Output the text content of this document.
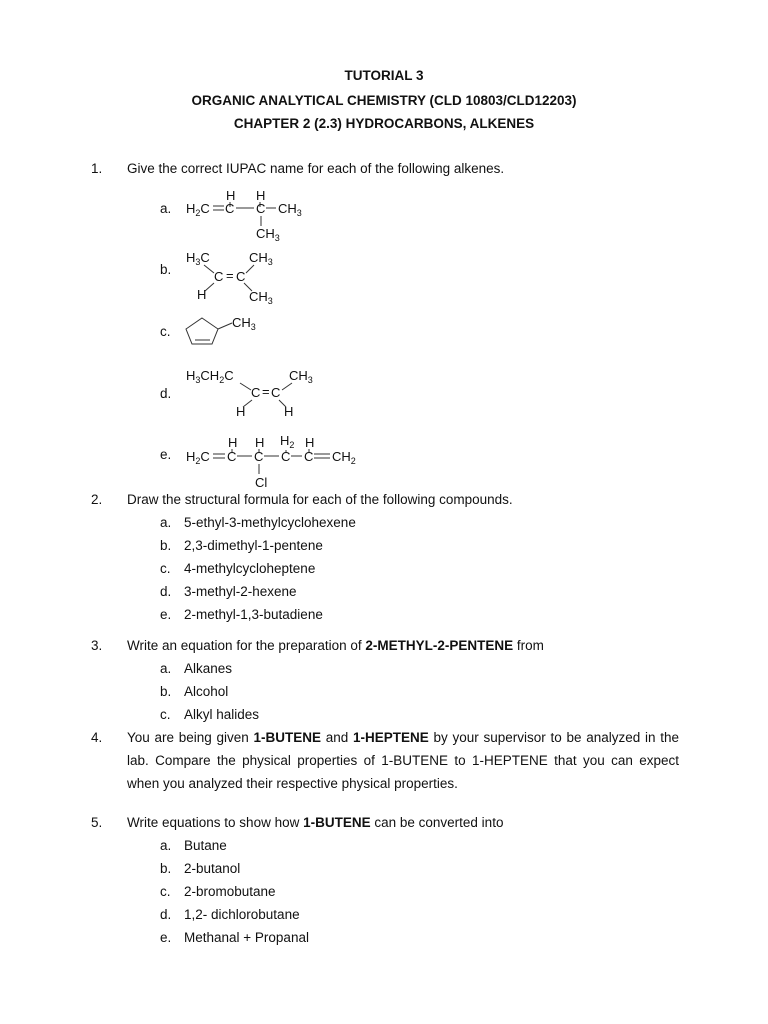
TUTORIAL 3
ORGANIC ANALYTICAL CHEMISTRY (CLD 10803/CLD12203)
CHAPTER 2 (2.3) HYDROCARBONS, ALKENES
1. Give the correct IUPAC name for each of the following alkenes.
a.
b.
c.
d.
e.
H H
$H_2C$ C C $CH_3$
$CH_3$
$H_3C$	$CH_3$
C = C
H	$CH_3$
$CH_3$
$H_3CH_2C$	$CH_3$
C = C
H	H
H H $H_2$ H
$H_2C$ C C C C $CH_2$
Cl
2. Draw the structural formula for each of the following compounds.
a. 5-ethyl-3-methylcyclohexene
b. 2,3-dimethyl-1-pentene
c. 4-methylcycloheptene
d. 3-methyl-2-hexene
e. 2-methyl-1,3-butadiene
3. Write an equation for the preparation of 2-METHYL-2-PENTENE from
a. Alkanes
b. Alcohol
c. Alkyl halides
4. You are being given 1-BUTENE and 1-HEPTENE by your supervisor to be analyzed in the lab. Compare the physical properties of 1-BUTENE to 1-HEPTENE that you can expect when you analyzed their respective physical properties.
5. Write equations to show how 1-BUTENE can be converted into
a. Butane
b. 2-butanol
c. 2-bromobutane
d. 1,2- dichlorobutane
e. Methanal + Propanal
